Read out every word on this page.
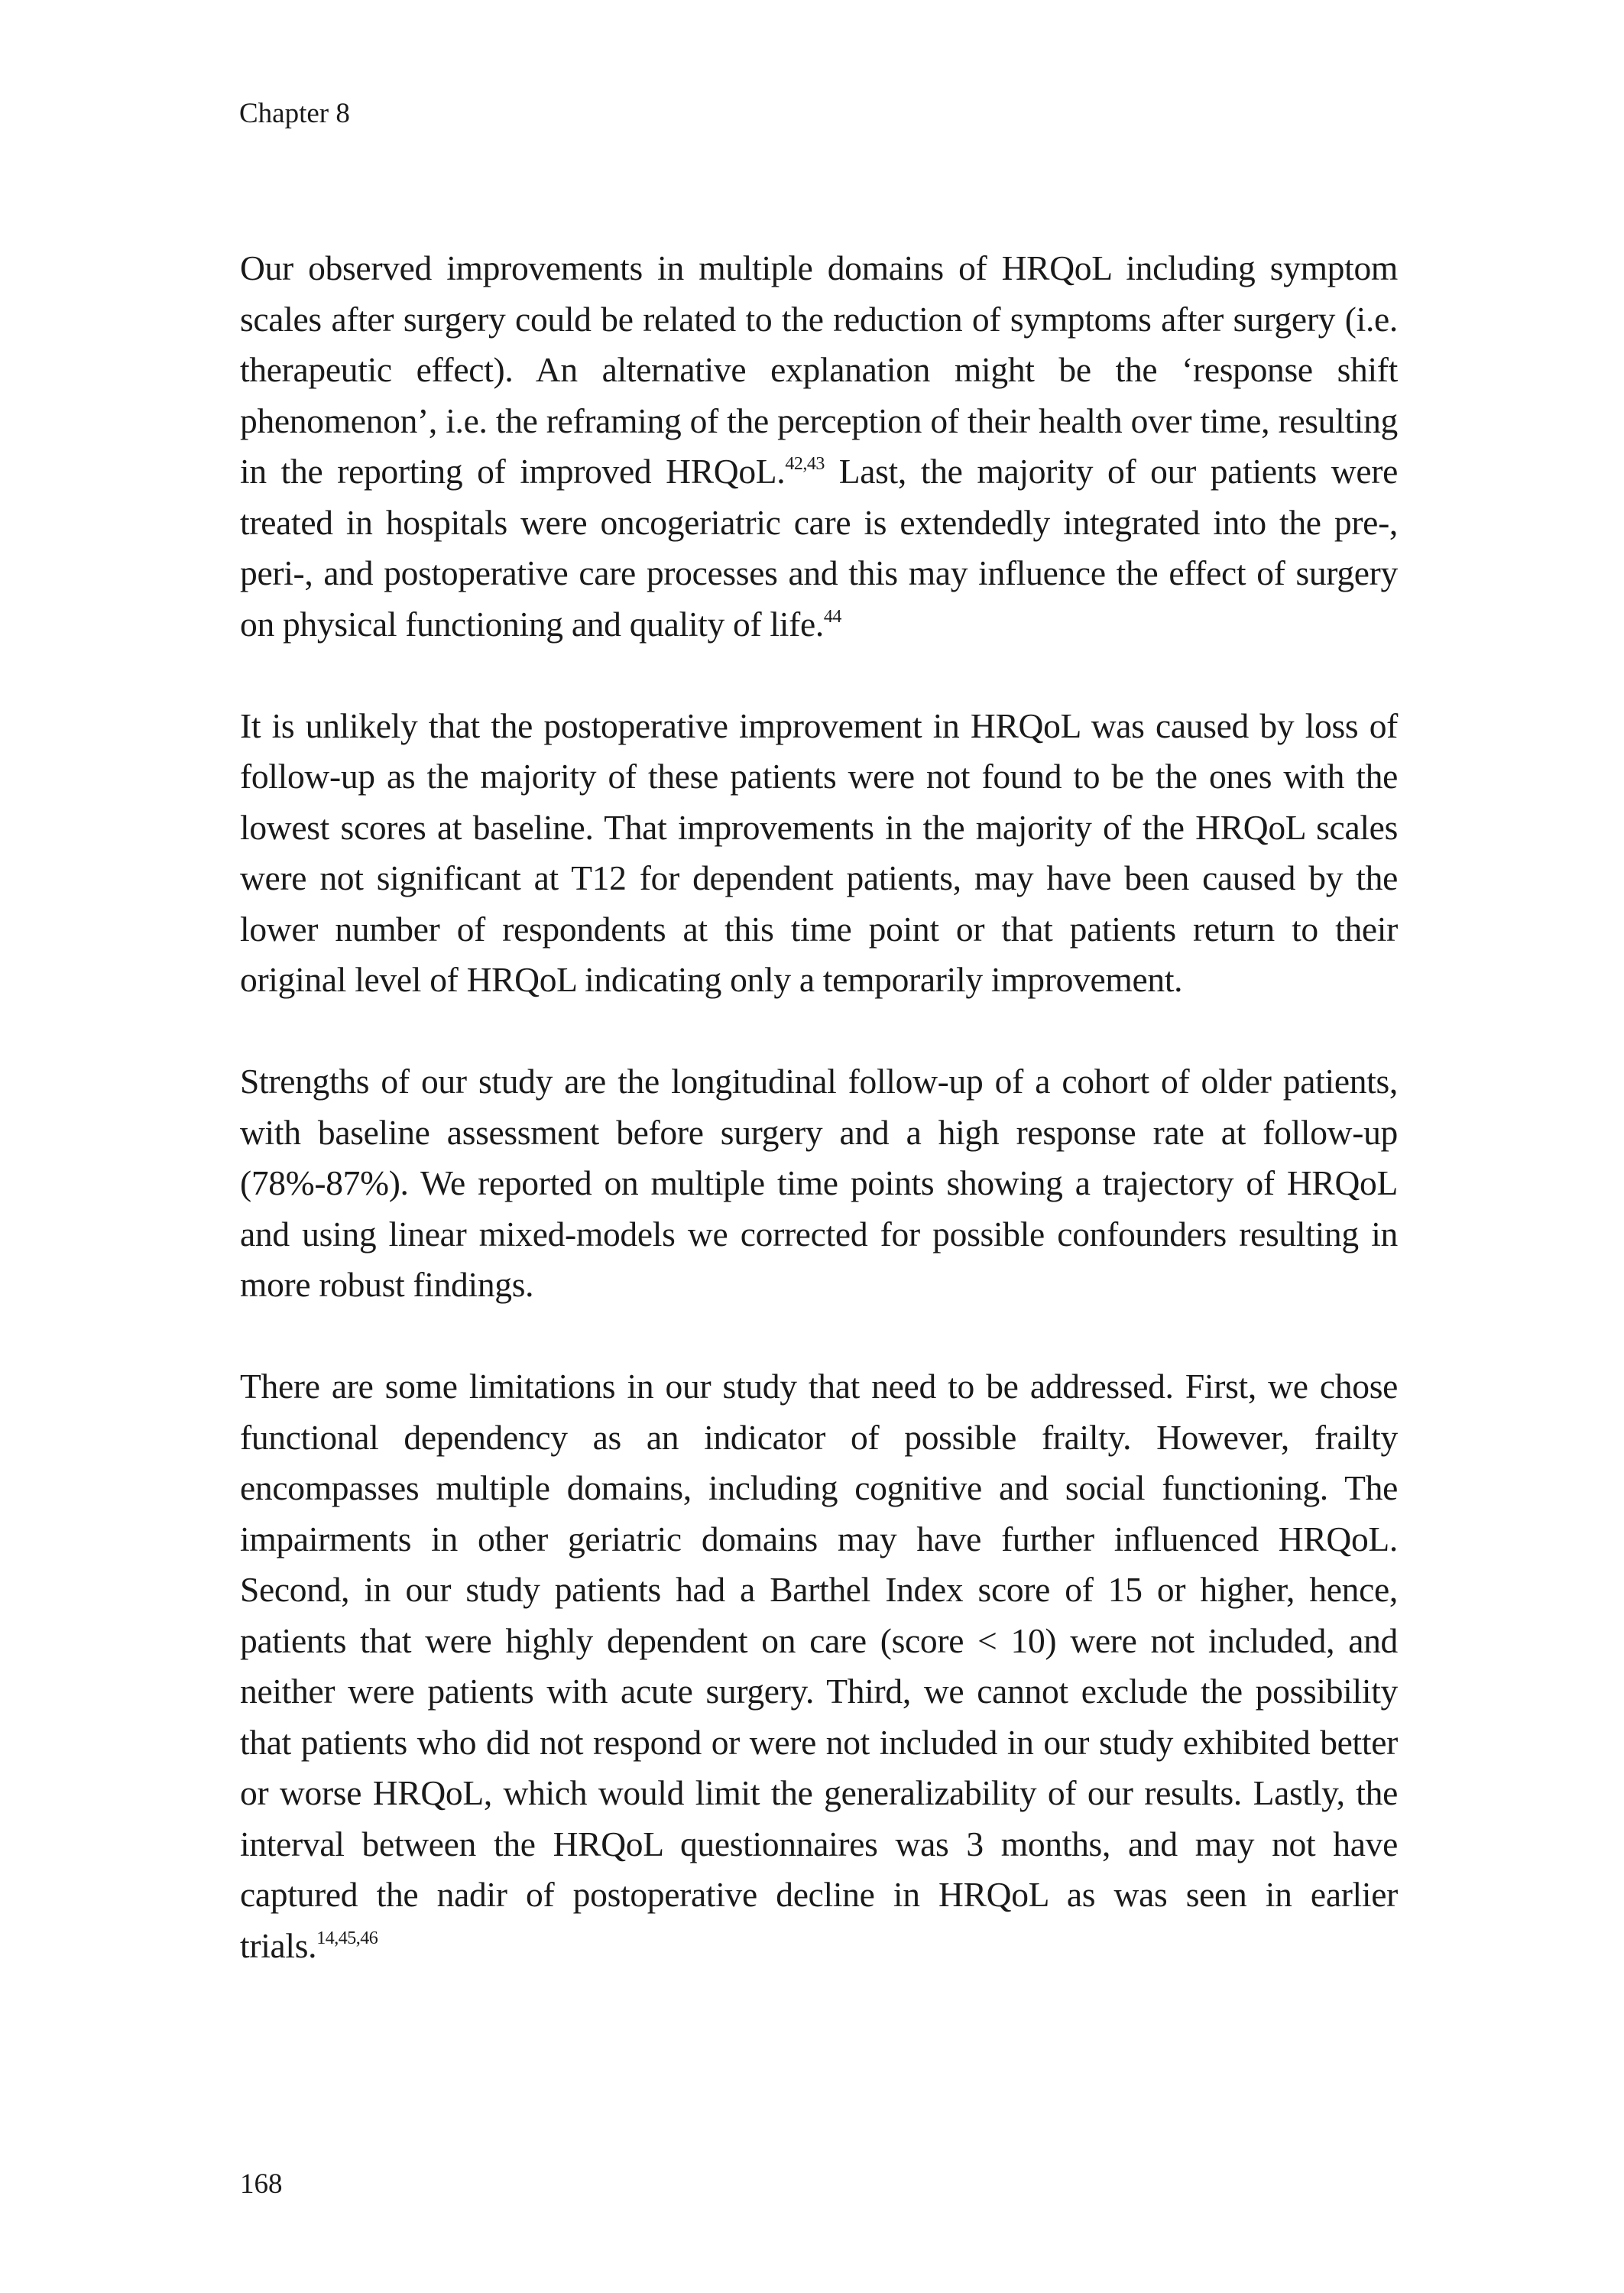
Chapter 8

Our observed improvements in multiple domains of HRQoL including symptom scales after surgery could be related to the reduction of symptoms after surgery (i.e. therapeutic effect). An alternative explanation might be the ‘response shift phenomenon’, i.e. the reframing of the perception of their health over time, resulting in the reporting of improved HRQoL.$^{42,43}$ Last, the majority of our patients were treated in hospitals were oncogeriatric care is extendedly integrated into the pre-, peri-, and postoperative care processes and this may influence the effect of surgery on physical functioning and quality of life.$^{44}$

It is unlikely that the postoperative improvement in HRQoL was caused by loss of follow-up as the majority of these patients were not found to be the ones with the lowest scores at baseline. That improvements in the majority of the HRQoL scales were not significant at T12 for dependent patients, may have been caused by the lower number of respondents at this time point or that patients return to their original level of HRQoL indicating only a temporarily improvement.

Strengths of our study are the longitudinal follow-up of a cohort of older patients, with baseline assessment before surgery and a high response rate at follow-up (78%-87%). We reported on multiple time points showing a trajectory of HRQoL and using linear mixed-models we corrected for possible confounders resulting in more robust findings.

There are some limitations in our study that need to be addressed. First, we chose functional dependency as an indicator of possible frailty. However, frailty encompasses multiple domains, including cognitive and social functioning. The impairments in other geriatric domains may have further influenced HRQoL. Second, in our study patients had a Barthel Index score of 15 or higher, hence, patients that were highly dependent on care (score < 10) were not included, and neither were patients with acute surgery. Third, we cannot exclude the possibility that patients who did not respond or were not included in our study exhibited better or worse HRQoL, which would limit the generalizability of our results. Lastly, the interval between the HRQoL questionnaires was 3 months, and may not have captured the nadir of postoperative decline in HRQoL as was seen in earlier trials.$^{14,45,46}$

168
